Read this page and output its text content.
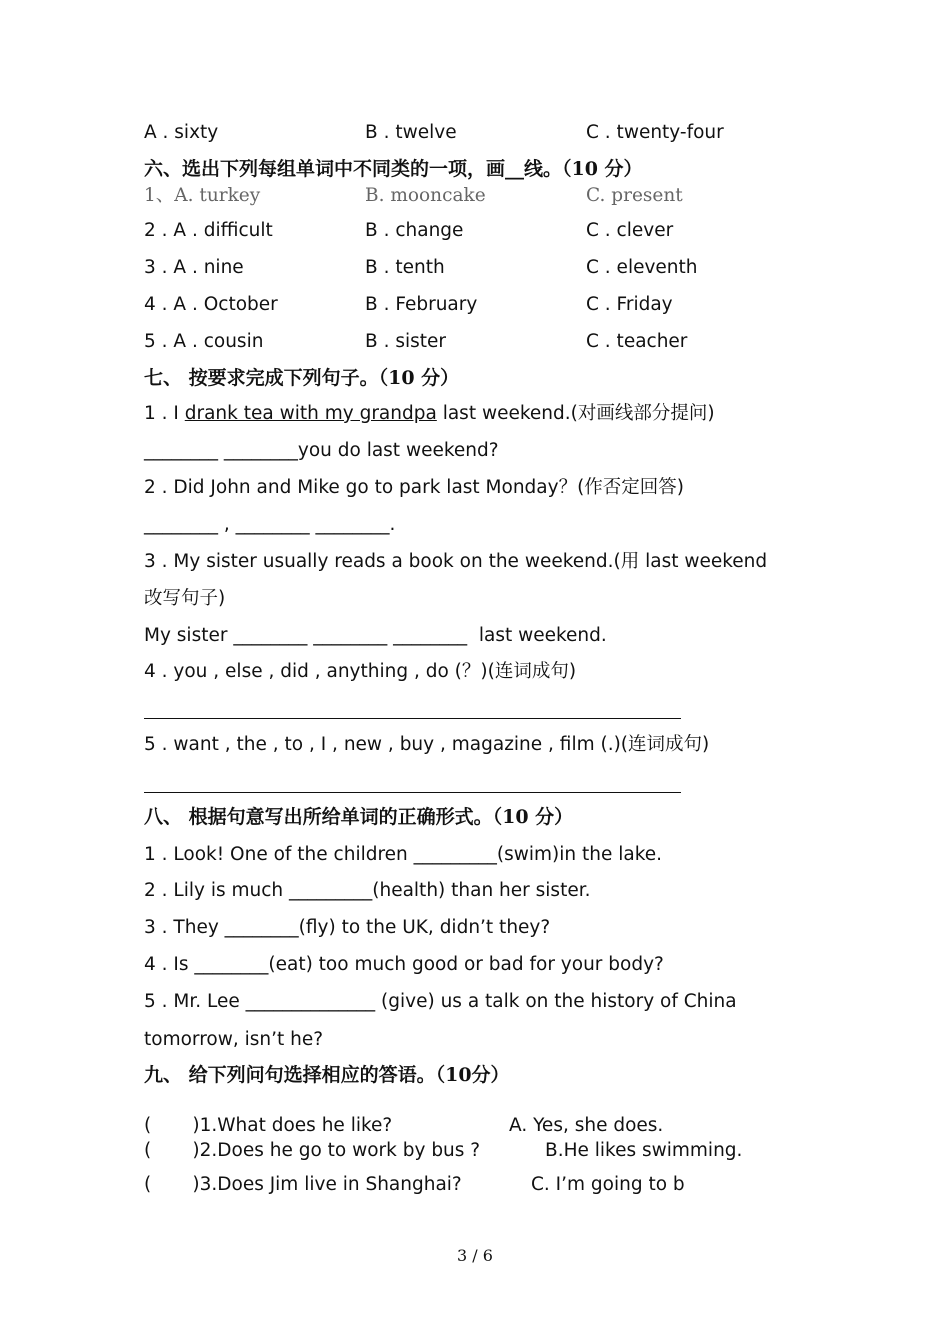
A . sixty	B . twelve	C . twenty-four
六、选出下列每组单词中不同类的一项，画__线。（10 分）
1、A. turkey	B. mooncake	C. present
2 . A . difficult	B . change	C . clever
3 . A . nine	B . tenth	C . eleventh
4 . A . October	B . February	C . Friday
5 . A . cousin	B . sister	C . teacher
七、 按要求完成下列句子。（10 分）
1 . I drank tea with my grandpa last weekend.(对画线部分提问)
________ ________you do last weekend?
2 . Did John and Mike go to park last Monday？(作否定回答)
________ , ________ ________.
3 . My sister usually reads a book on the weekend.(用 last weekend
改写句子)
My sister ________ ________ ________  last weekend.
4 . you , else , did , anything , do (？)(连词成句)
5 . want , the , to , I , new , buy , magazine , film (.)(连词成句)
八、 根据句意写出所给单词的正确形式。（10 分）
1 . Look! One of the children _________(swim)in the lake.
2 . Lily is much _________(health) than her sister.
3 . They ________(fly) to the UK, didn’t they?
4 . Is ________(eat) too much good or bad for your body?
5 . Mr. Lee ______________ (give) us a talk on the history of China
tomorrow, isn’t he?
九、 给下列问句选择相应的答语。（10分）
(       )1.What does he like?	A. Yes, she does.
(       )2.Does he go to work by bus ?	B.He likes swimming.
(       )3.Does Jim live in Shanghai?	C. I’m going to b
3 / 6
